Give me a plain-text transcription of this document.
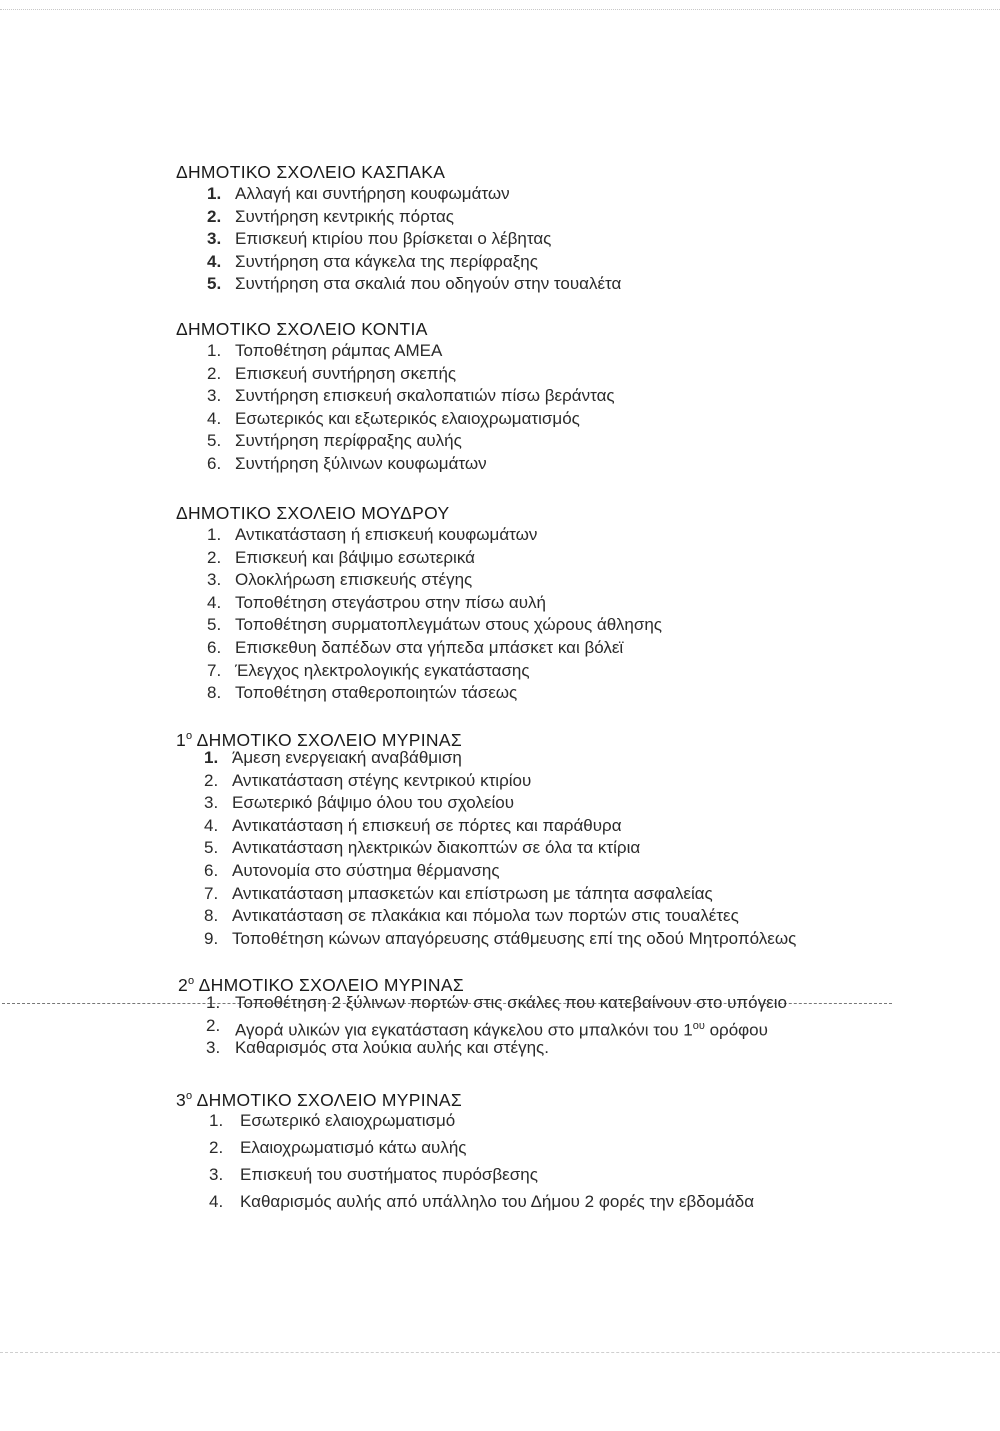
ΔΗΜΟΤΙΚΟ ΣΧΟΛΕΙΟ ΚΑΣΠΑΚΑ
1. Αλλαγή και συντήρηση κουφωμάτων
2. Συντήρηση κεντρικής πόρτας
3. Επισκευή κτιρίου που βρίσκεται ο λέβητας
4. Συντήρηση στα κάγκελα της περίφραξης
5. Συντήρηση στα σκαλιά που οδηγούν στην τουαλέτα
ΔΗΜΟΤΙΚΟ ΣΧΟΛΕΙΟ ΚΟΝΤΙΑ
1. Τοποθέτηση ράμπας ΑΜΕΑ
2. Επισκευή συντήρηση σκεπής
3. Συντήρηση επισκευή σκαλοπατιών πίσω βεράντας
4. Εσωτερικός και εξωτερικός ελαιοχρωματισμός
5. Συντήρηση περίφραξης αυλής
6. Συντήρηση ξύλινων κουφωμάτων
ΔΗΜΟΤΙΚΟ ΣΧΟΛΕΙΟ ΜΟΥΔΡΟΥ
1. Αντικατάσταση ή επισκευή κουφωμάτων
2. Επισκευή και βάψιμο εσωτερικά
3. Ολοκλήρωση επισκευής στέγης
4. Τοποθέτηση στεγάστρου στην πίσω αυλή
5. Τοποθέτηση συρματοπλεγμάτων στους χώρους άθλησης
6. Επισκεθυη δαπέδων στα γήπεδα μπάσκετ και βόλεϊ
7. Έλεγχος ηλεκτρολογικής εγκατάστασης
8. Τοποθέτηση σταθεροποιητών τάσεως
$1^o$ ΔΗΜΟΤΙΚΟ ΣΧΟΛΕΙΟ ΜΥΡΙΝΑΣ
1. Άμεση ενεργειακή αναβάθμιση
2. Αντικατάσταση στέγης κεντρικού κτιρίου
3. Εσωτερικό βάψιμο όλου του σχολείου
4. Αντικατάσταση ή επισκευή σε πόρτες και παράθυρα
5. Αντικατάσταση ηλεκτρικών διακοπτών σε όλα τα κτίρια
6. Αυτονομία στο σύστημα θέρμανσης
7. Αντικατάσταση μπασκετών και επίστρωση με τάπητα ασφαλείας
8. Αντικατάσταση σε πλακάκια και πόμολα των πορτών στις τουαλέτες
9. Τοποθέτηση κώνων απαγόρευσης στάθμευσης επί της οδού Μητροπόλεως
$2^o$ ΔΗΜΟΤΙΚΟ ΣΧΟΛΕΙΟ ΜΥΡΙΝΑΣ
1. Τοποθέτηση 2 ξύλινων πορτών στις σκάλες που κατεβαίνουν στο υπόγειο
2. Αγορά υλικών για εγκατάσταση κάγκελου στο μπαλκόνι του $1^{o\upsilon}$ ορόφου
3. Καθαρισμός στα λούκια αυλής και στέγης.
$3^o$ ΔΗΜΟΤΙΚΟ ΣΧΟΛΕΙΟ ΜΥΡΙΝΑΣ
1. Εσωτερικό ελαιοχρωματισμό
2. Ελαιοχρωματισμό κάτω αυλής
3. Επισκευή του συστήματος πυρόσβεσης
4. Καθαρισμός αυλής από υπάλληλο του Δήμου 2 φορές την εβδομάδα
